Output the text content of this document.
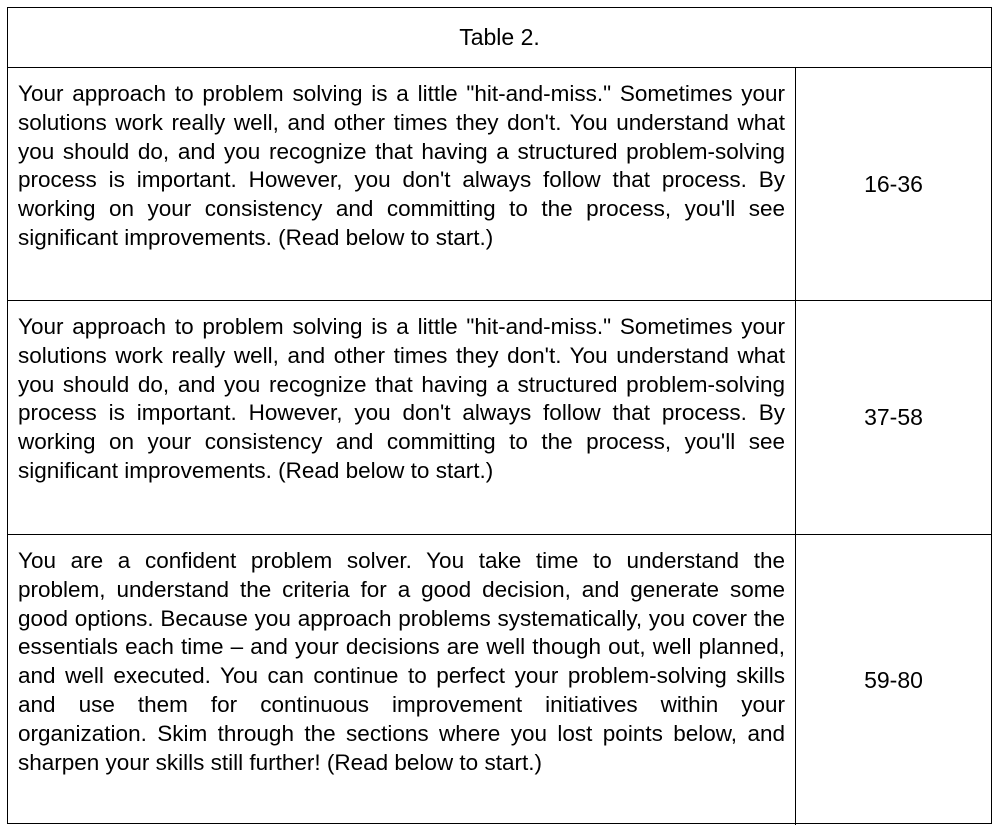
Table 2.
Your approach to problem solving is a little "hit-and-miss." Sometimes your solutions work really well, and other times they don't. You understand what you should do, and you recognize that having a structured problem-solving process is important. However, you don't always follow that process. By working on your consistency and committing to the process, you'll see significant improvements. (Read below to start.)
16-36
Your approach to problem solving is a little "hit-and-miss." Sometimes your solutions work really well, and other times they don't. You understand what you should do, and you recognize that having a structured problem-solving process is important. However, you don't always follow that process. By working on your consistency and committing to the process, you'll see significant improvements. (Read below to start.)
37-58
You are a confident problem solver. You take time to understand the problem, understand the criteria for a good decision, and generate some good options. Because you approach problems systematically, you cover the essentials each time – and your decisions are well though out, well planned, and well executed. You can continue to perfect your problem-solving skills and use them for continuous improvement initiatives within your organization. Skim through the sections where you lost points below, and sharpen your skills still further! (Read below to start.)
59-80
